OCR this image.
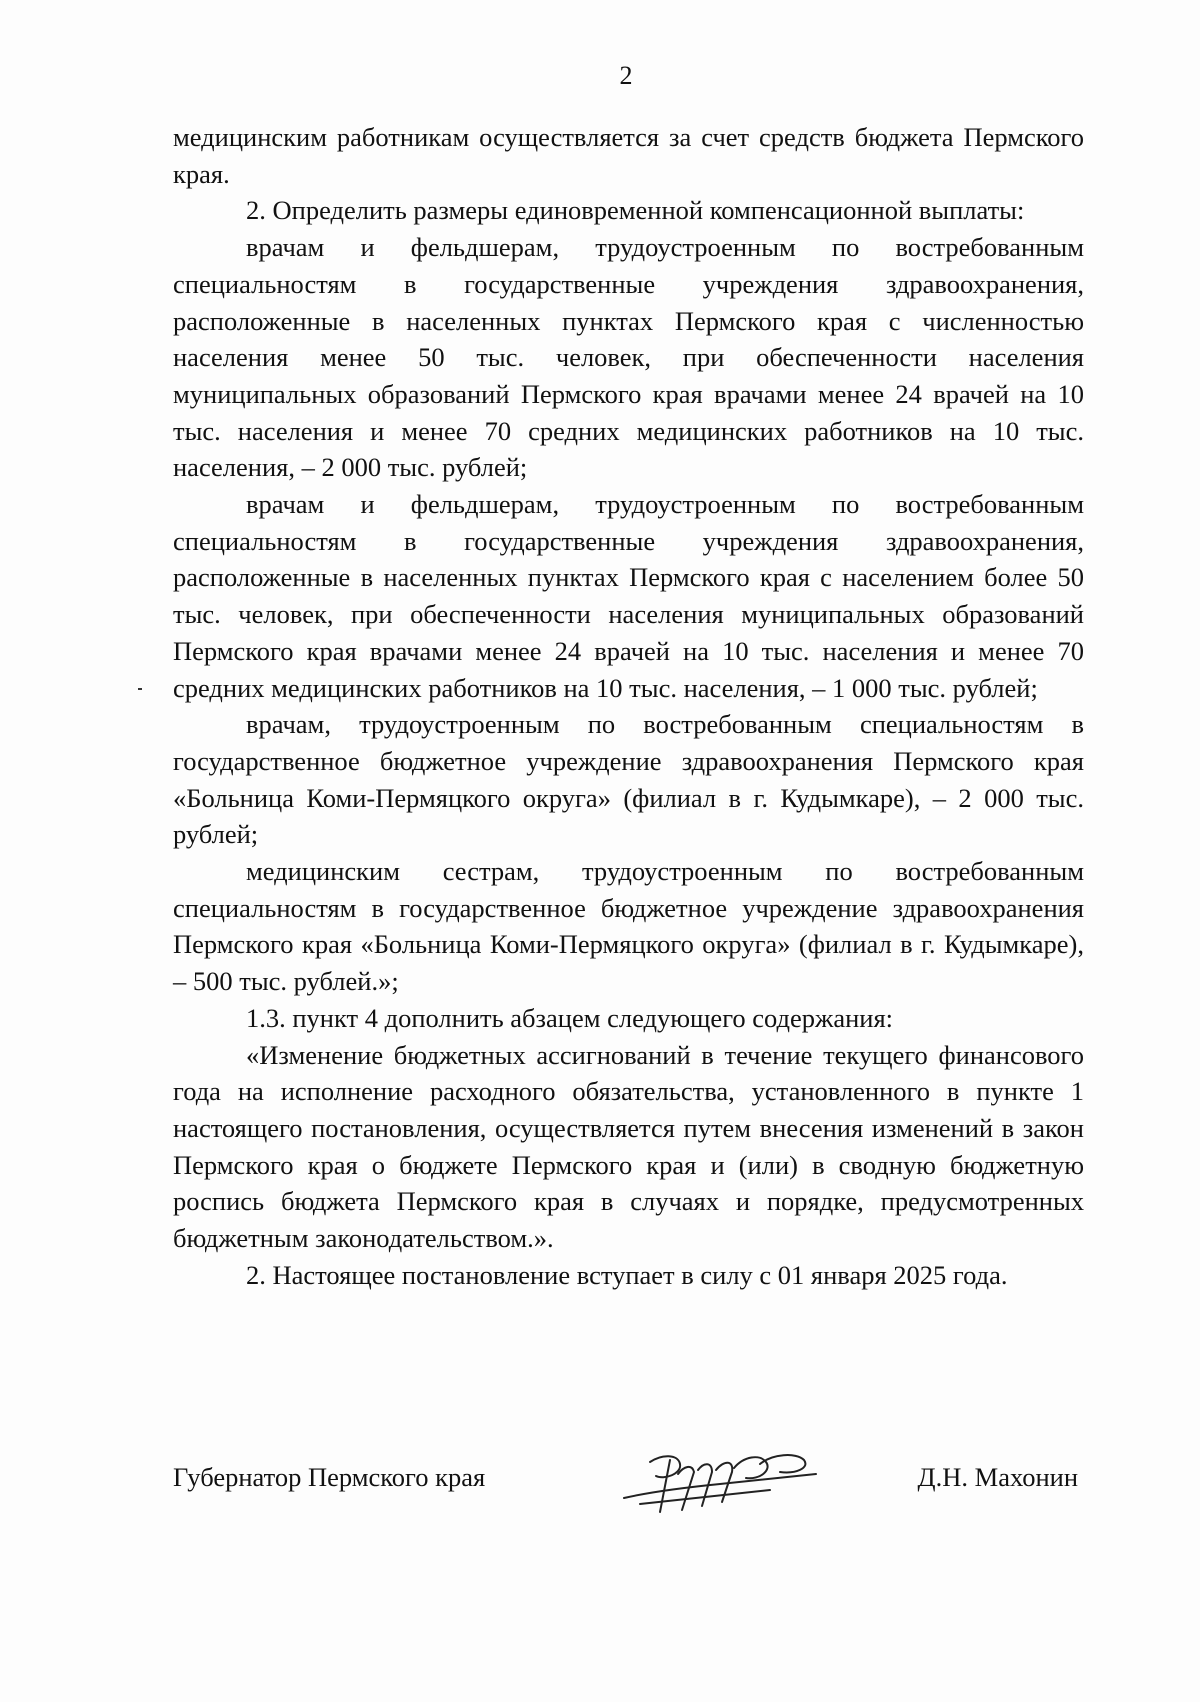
2

медицинским работникам осуществляется за счет средств бюджета Пермского края.

2. Определить размеры единовременной компенсационной выплаты:

врачам и фельдшерам, трудоустроенным по востребованным специальностям в государственные учреждения здравоохранения, расположенные в населенных пунктах Пермского края с численностью населения менее 50 тыс. человек, при обеспеченности населения муниципальных образований Пермского края врачами менее 24 врачей на 10 тыс. населения и менее 70 средних медицинских работников на 10 тыс. населения, – 2 000 тыс. рублей;

врачам и фельдшерам, трудоустроенным по востребованным специальностям в государственные учреждения здравоохранения, расположенные в населенных пунктах Пермского края с населением более 50 тыс. человек, при обеспеченности населения муниципальных образований Пермского края врачами менее 24 врачей на 10 тыс. населения и менее 70 средних медицинских работников на 10 тыс. населения, – 1 000 тыс. рублей;

врачам, трудоустроенным по востребованным специальностям в государственное бюджетное учреждение здравоохранения Пермского края «Больница Коми-Пермяцкого округа» (филиал в г. Кудымкаре), – 2 000 тыс. рублей;

медицинским сестрам, трудоустроенным по востребованным специальностям в государственное бюджетное учреждение здравоохранения Пермского края «Больница Коми-Пермяцкого округа» (филиал в г. Кудымкаре), – 500 тыс. рублей.»;

1.3. пункт 4 дополнить абзацем следующего содержания:

«Изменение бюджетных ассигнований в течение текущего финансового года на исполнение расходного обязательства, установленного в пункте 1 настоящего постановления, осуществляется путем внесения изменений в закон Пермского края о бюджете Пермского края и (или) в сводную бюджетную роспись бюджета Пермского края в случаях и порядке, предусмотренных бюджетным законодательством.».

2. Настоящее постановление вступает в силу с 01 января 2025 года.

Губернатор Пермского края	Д.Н. Махонин
